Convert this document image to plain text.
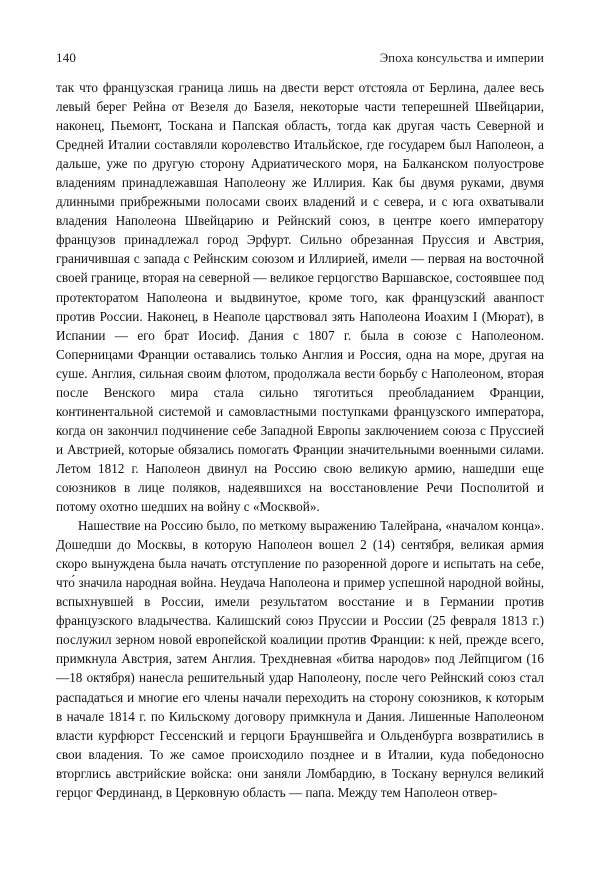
140	Эпоха консульства и империи

так что французская граница лишь на двести верст отстояла от Берлина, далее весь левый берег Рейна от Везеля до Базеля, некоторые части теперешней Швейцарии, наконец, Пьемонт, Тоскана и Папская область, тогда как другая часть Северной и Средней Италии составляли королевство Итальйское, где государем был Наполеон, а дальше, уже по другую сторону Адриатического моря, на Балканском полуострове владениям принадлежавшая Наполеону же Иллирия. Как бы двумя руками, двумя длинными прибрежными полосами своих владений и с севера, и с юга охватывали владения Наполеона Швейцарию и Рейнский союз, в центре коего императору французов принадлежал город Эрфурт. Сильно обрезанная Пруссия и Австрия, граничившая с запада с Рейнским союзом и Иллирией, имели — первая на восточной своей границе, вторая на северной — великое герцогство Варшавское, состоявшее под протекторатом Наполеона и выдвинутое, кроме того, как французский аванпост против России. Наконец, в Неаполе царствовал зять Наполеона Иоахим I (Мюрат), в Испании — его брат Иосиф. Дания с 1807 г. была в союзе с Наполеоном. Соперницами Франции оставались только Англия и Россия, одна на море, другая на суше. Англия, сильная своим флотом, продолжала вести борьбу с Наполеоном, вторая после Венского мира стала сильно тяготиться преобладанием Франции, континентальной системой и самовластными поступками французского императора, когда он закончил подчинение себе Западной Европы заключением союза с Пруссией и Австрией, которые обязались помогать Франции значительными военными силами. Летом 1812 г. Наполеон двинул на Россию свою великую армию, нашедши еще союзников в лице поляков, надеявшихся на восстановление Речи Посполитой и потому охотно шедших на войну с «Москвой».

Нашествие на Россию было, по меткому выражению Талейрана, «началом конца». Дошедши до Москвы, в которую Наполеон вошел 2 (14) сентября, великая армия скоро вынуждена была начать отступление по разоренной дороге и испытать на себе, что́ значила народная война. Неудача Наполеона и пример успешной народной войны, вспыхнувшей в России, имели результатом восстание и в Германии против французского владычества. Калишский союз Пруссии и России (25 февраля 1813 г.) послужил зерном новой европейской коалиции против Франции: к ней, прежде всего, примкнула Австрия, затем Англия. Трехдневная «битва народов» под Лейпцигом (16—18 октября) нанесла решительный удар Наполеону, после чего Рейнский союз стал распадаться и многие его члены начали переходить на сторону союзников, к которым в начале 1814 г. по Кильскому договору примкнула и Дания. Лишенные Наполеоном власти курфюрст Гессенский и герцоги Брауншвейга и Ольденбурга возвратились в свои владения. То же самое происходило позднее и в Италии, куда победоносно вторглись австрийские войска: они заняли Ломбардию, в Тоскану вернулся великий герцог Фердинанд, в Церковную область — папа. Между тем Наполеон отвер-
